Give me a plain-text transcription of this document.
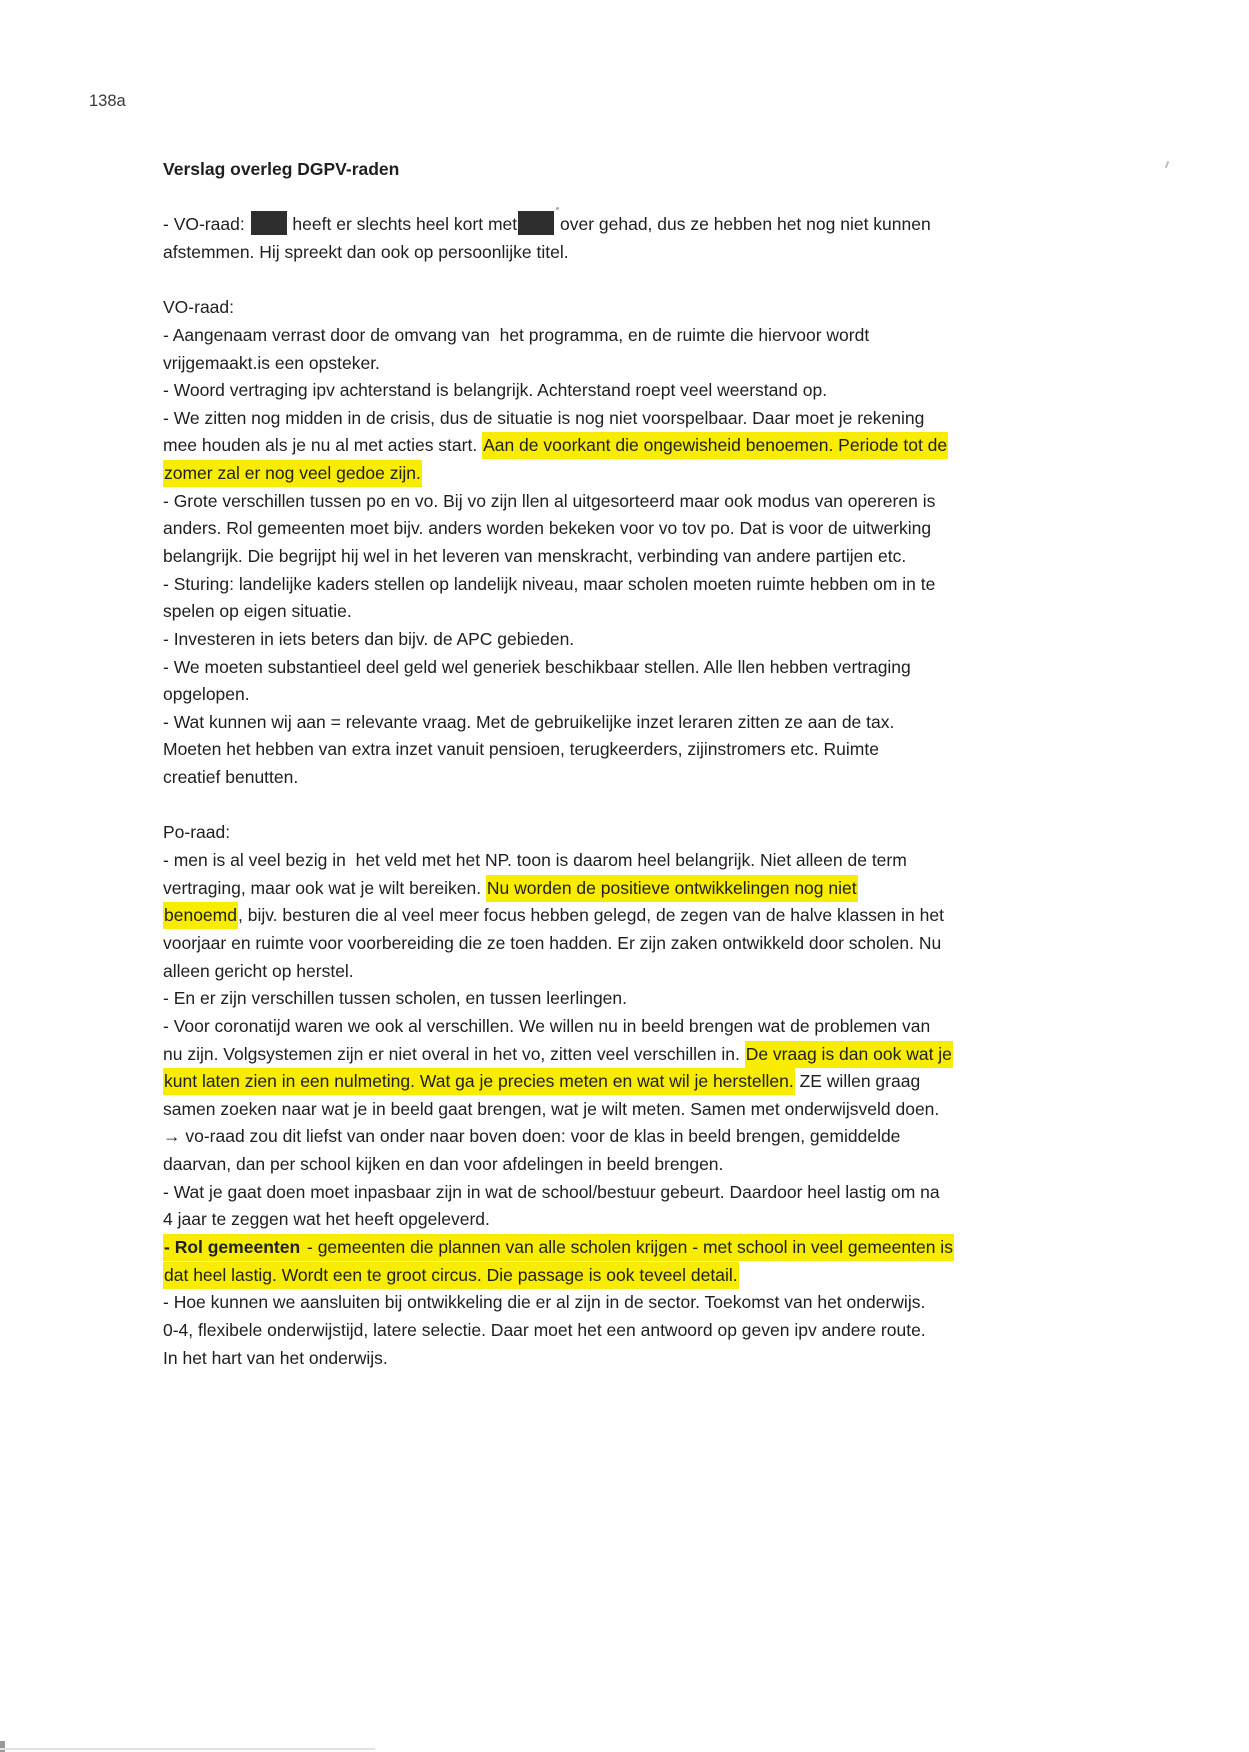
138a
Verslag overleg DGPV-raden
- VO-raad:  heeft er slechts heel kort met over gehad, dus ze hebben het nog niet kunnen
afstemmen. Hij spreekt dan ook op persoonlijke titel.
VO-raad:
- Aangenaam verrast door de omvang van  het programma, en de ruimte die hiervoor wordt
vrijgemaakt.is een opsteker.
- Woord vertraging ipv achterstand is belangrijk. Achterstand roept veel weerstand op.
- We zitten nog midden in de crisis, dus de situatie is nog niet voorspelbaar. Daar moet je rekening
mee houden als je nu al met acties start. Aan de voorkant die ongewisheid benoemen. Periode tot de
zomer zal er nog veel gedoe zijn.
- Grote verschillen tussen po en vo. Bij vo zijn llen al uitgesorteerd maar ook modus van opereren is
anders. Rol gemeenten moet bijv. anders worden bekeken voor vo tov po. Dat is voor de uitwerking
belangrijk. Die begrijpt hij wel in het leveren van menskracht, verbinding van andere partijen etc.
- Sturing: landelijke kaders stellen op landelijk niveau, maar scholen moeten ruimte hebben om in te
spelen op eigen situatie.
- Investeren in iets beters dan bijv. de APC gebieden.
- We moeten substantieel deel geld wel generiek beschikbaar stellen. Alle llen hebben vertraging
opgelopen.
- Wat kunnen wij aan = relevante vraag. Met de gebruikelijke inzet leraren zitten ze aan de tax.
Moeten het hebben van extra inzet vanuit pensioen, terugkeerders, zijinstromers etc. Ruimte
creatief benutten.
Po-raad:
- men is al veel bezig in  het veld met het NP. toon is daarom heel belangrijk. Niet alleen de term
vertraging, maar ook wat je wilt bereiken. Nu worden de positieve ontwikkelingen nog niet
benoemd, bijv. besturen die al veel meer focus hebben gelegd, de zegen van de halve klassen in het
voorjaar en ruimte voor voorbereiding die ze toen hadden. Er zijn zaken ontwikkeld door scholen. Nu
alleen gericht op herstel.
- En er zijn verschillen tussen scholen, en tussen leerlingen.
- Voor coronatijd waren we ook al verschillen. We willen nu in beeld brengen wat de problemen van
nu zijn. Volgsystemen zijn er niet overal in het vo, zitten veel verschillen in. De vraag is dan ook wat je
kunt laten zien in een nulmeting. Wat ga je precies meten en wat wil je herstellen. ZE willen graag
samen zoeken naar wat je in beeld gaat brengen, wat je wilt meten. Samen met onderwijsveld doen.
→ vo-raad zou dit liefst van onder naar boven doen: voor de klas in beeld brengen, gemiddelde
daarvan, dan per school kijken en dan voor afdelingen in beeld brengen.
- Wat je gaat doen moet inpasbaar zijn in wat de school/bestuur gebeurt. Daardoor heel lastig om na
4 jaar te zeggen wat het heeft opgeleverd.
- Rol gemeenten - gemeenten die plannen van alle scholen krijgen - met school in veel gemeenten is
dat heel lastig. Wordt een te groot circus. Die passage is ook teveel detail.
- Hoe kunnen we aansluiten bij ontwikkeling die er al zijn in de sector. Toekomst van het onderwijs.
0-4, flexibele onderwijstijd, latere selectie. Daar moet het een antwoord op geven ipv andere route.
In het hart van het onderwijs.
